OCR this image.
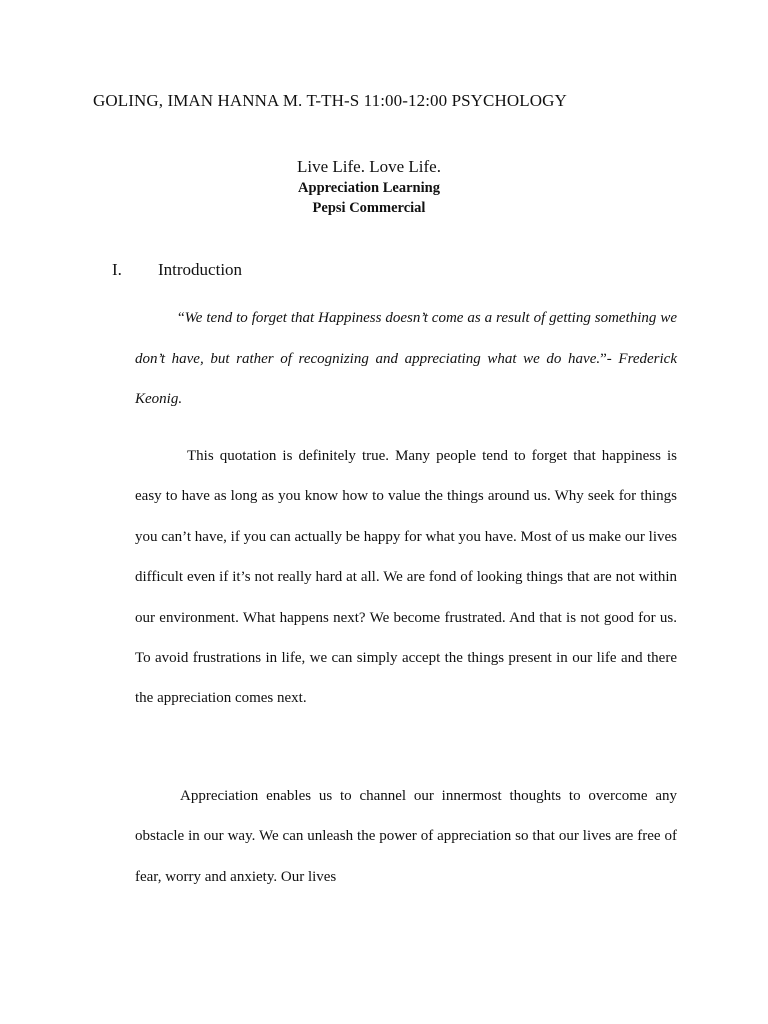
GOLING, IMAN HANNA M. T-TH-S 11:00-12:00 PSYCHOLOGY
Live Life. Love Life.
Appreciation Learning
Pepsi Commercial
I. Introduction
“We tend to forget that Happiness doesn’t come as a result of getting something we don’t have, but rather of recognizing and appreciating what we do have.”- Frederick Keonig.
This quotation is definitely true. Many people tend to forget that happiness is easy to have as long as you know how to value the things around us. Why seek for things you can’t have, if you can actually be happy for what you have. Most of us make our lives difficult even if it’s not really hard at all. We are fond of looking things that are not within our environment. What happens next? We become frustrated. And that is not good for us. To avoid frustrations in life, we can simply accept the things present in our life and there the appreciation comes next.
Appreciation enables us to channel our innermost thoughts to overcome any obstacle in our way. We can unleash the power of appreciation so that our lives are free of fear, worry and anxiety. Our lives
